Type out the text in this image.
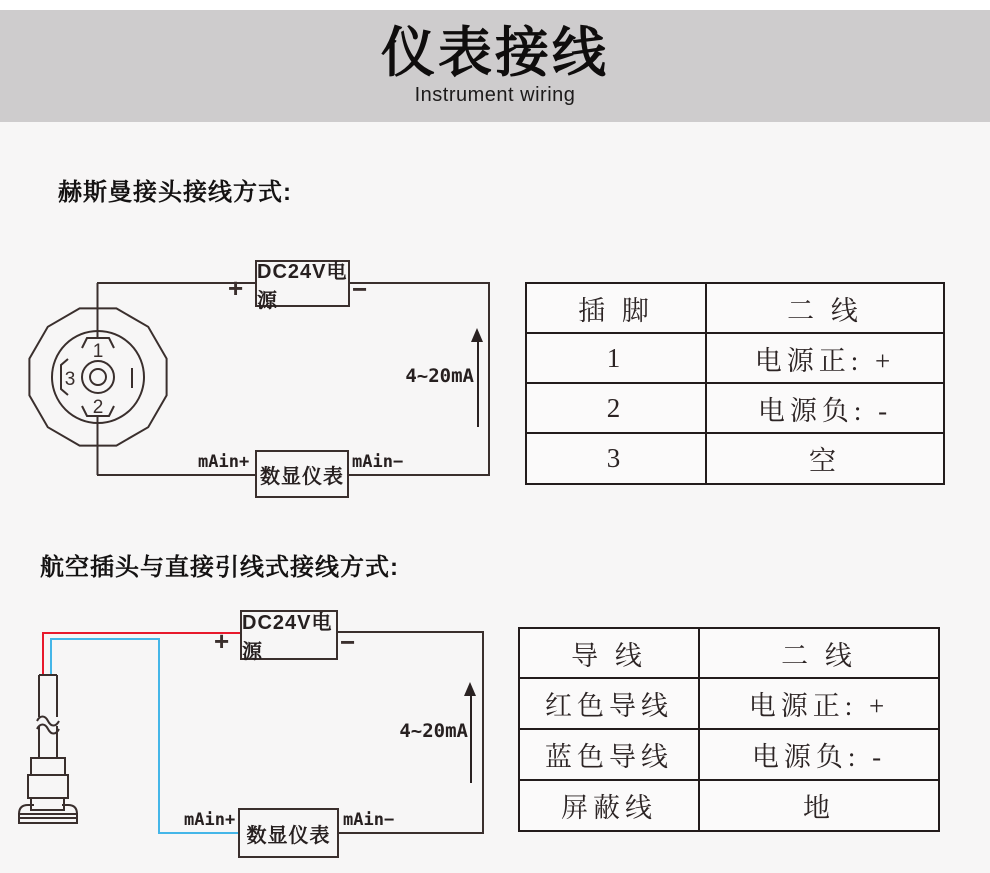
仪表接线
Instrument wiring
赫斯曼接头接线方式:
1
2
3
+
DC24V电源	−
4~20mA
mAin+
数显仪表
mAin−
插 脚	二 线
1	电源正: +
2	电源负: -
3	空
航空插头与直接引线式接线方式:
+
DC24V电源	−
4~20mA
mAin+
数显仪表
mAin−
导 线	二 线
红色导线	电源正: +
蓝色导线	电源负: -
屏蔽线	地
